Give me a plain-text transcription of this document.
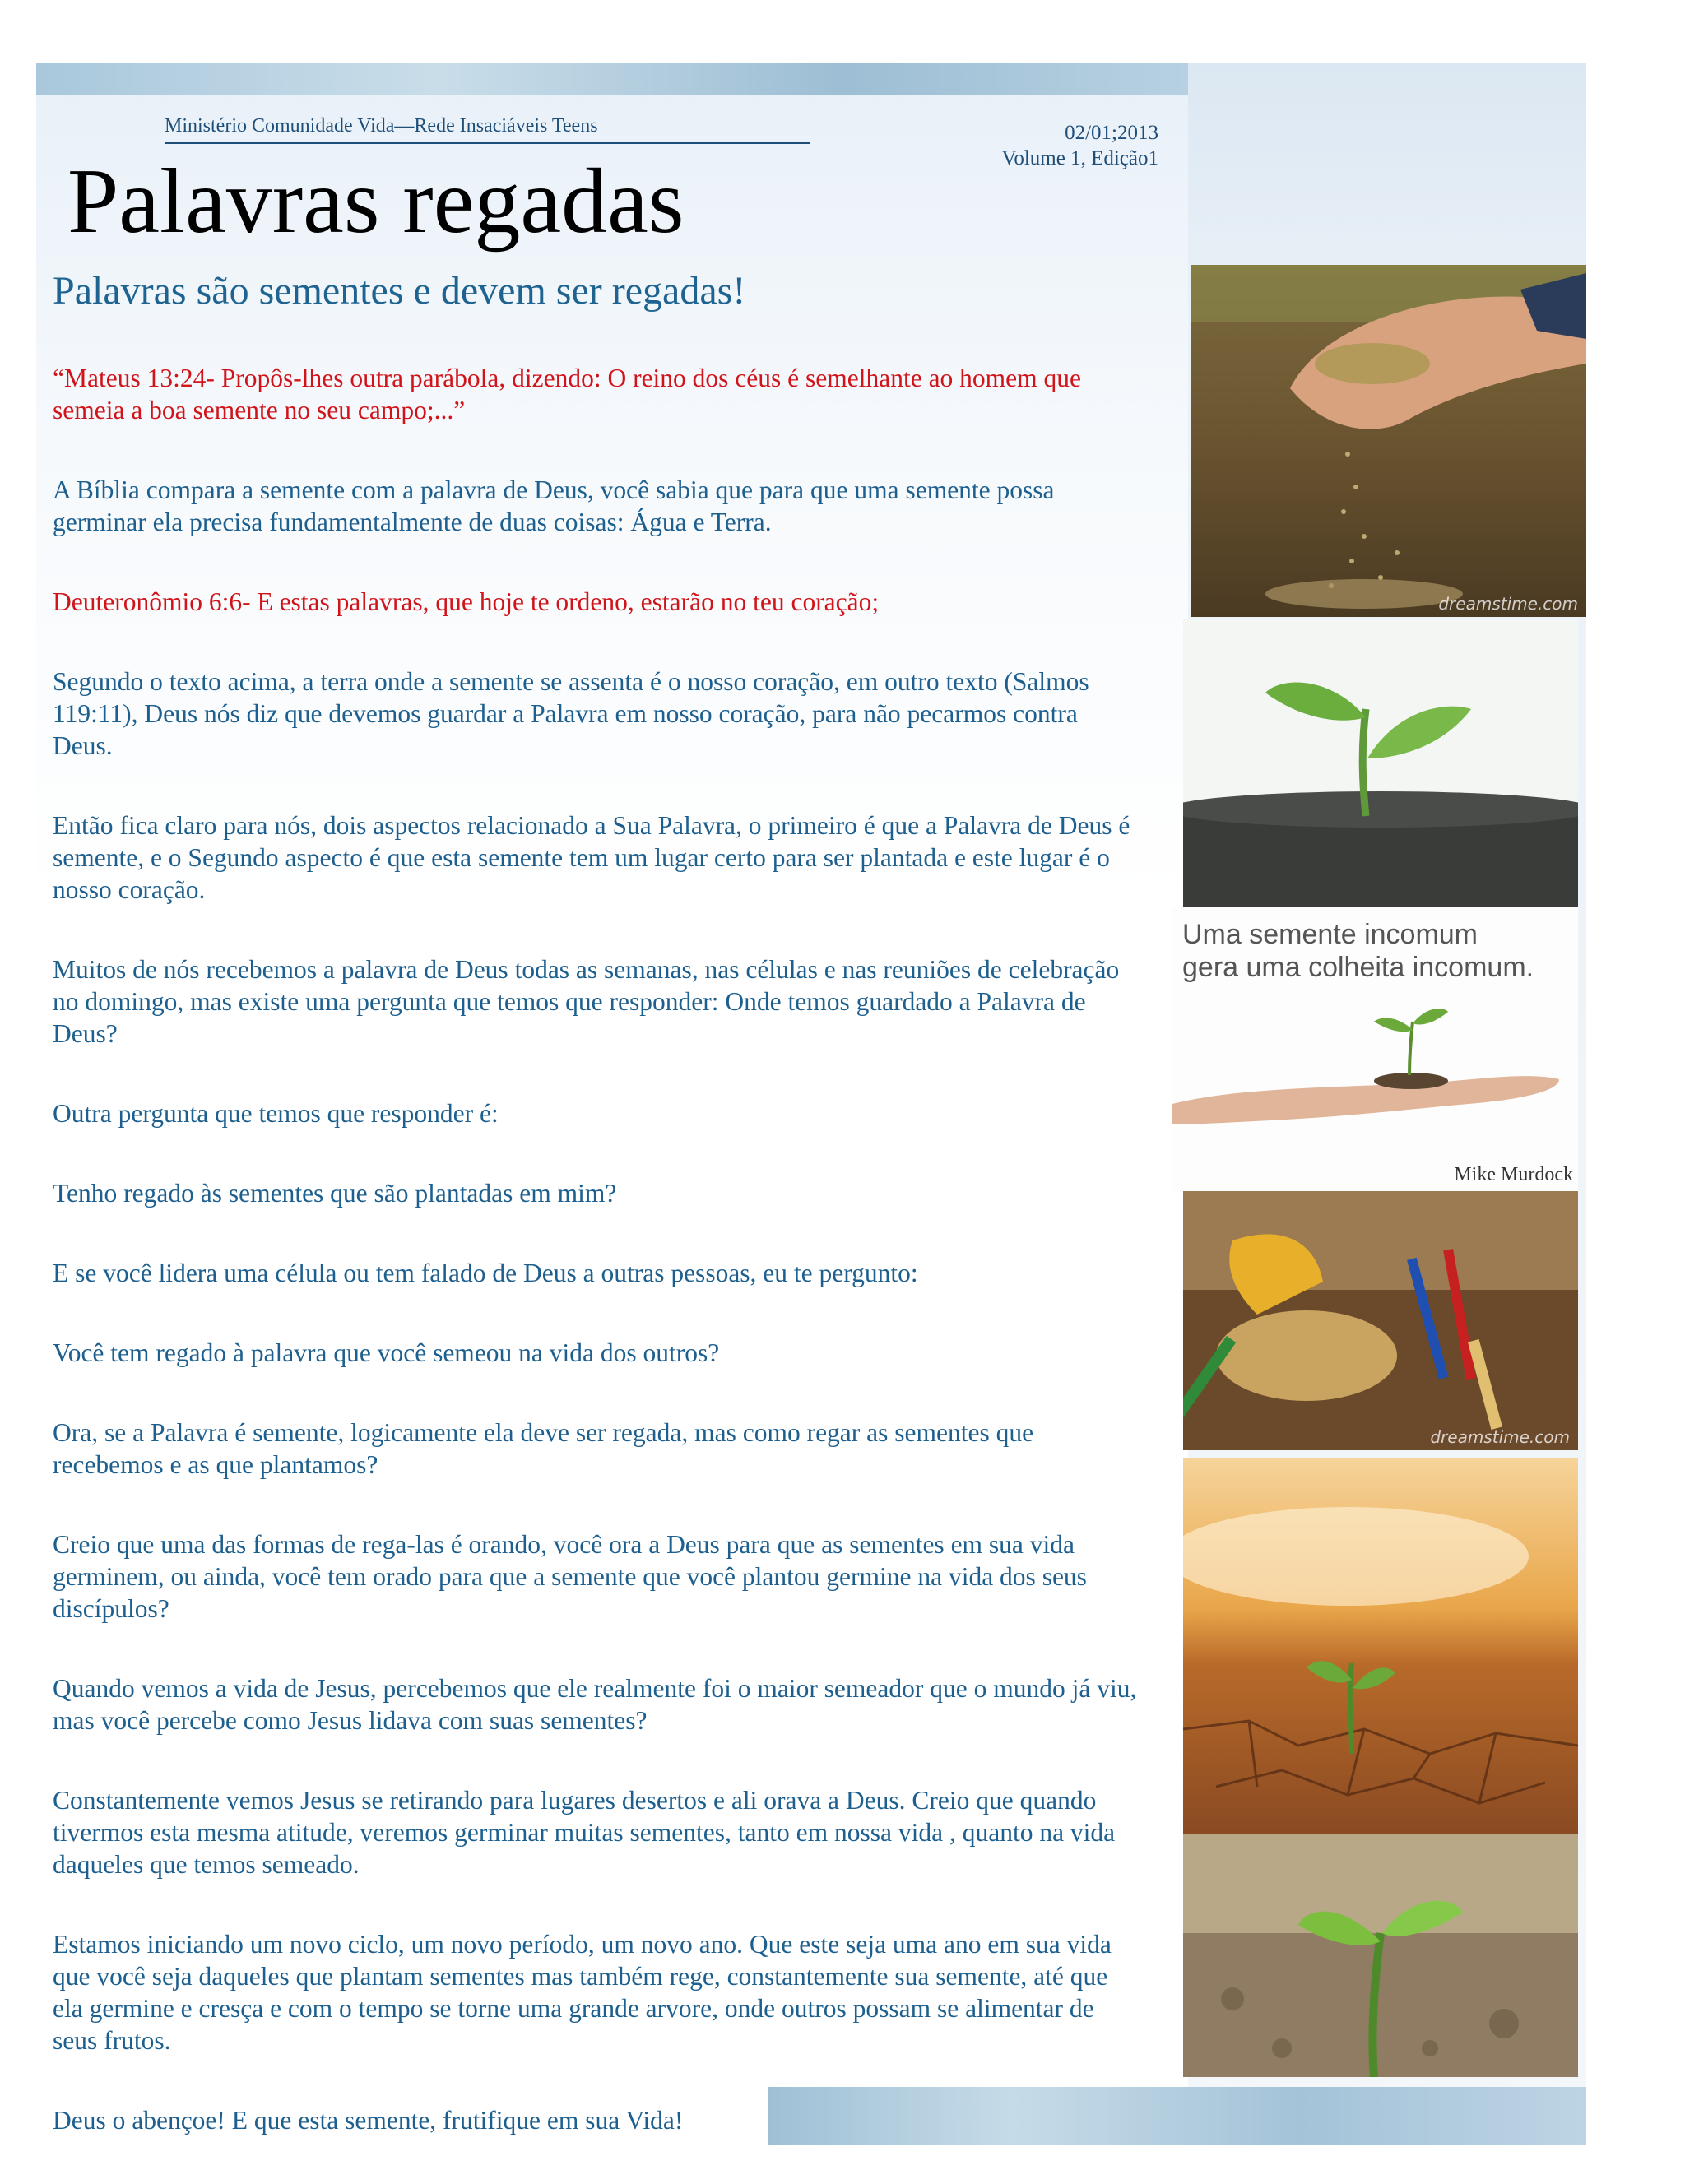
Ministério Comunidade Vida—Rede Insaciáveis Teens	02/01;2013
Volume 1, Edição1
Palavras regadas
Palavras são sementes e devem ser regadas!

“Mateus 13:24- Propôs-lhes outra parábola, dizendo: O reino dos céus é semelhante ao homem que semeia a boa semente no seu campo;...”

A Bíblia compara a semente com a palavra de Deus, você sabia que para que uma semente possa germinar ela precisa fundamentalmente de duas coisas: Água e Terra.

Deuteronômio 6:6- E estas palavras, que hoje te ordeno, estarão no teu coração;

Segundo o texto acima, a terra onde a semente se assenta é o nosso coração, em outro texto (Salmos 119:11), Deus nós diz que devemos guardar a Palavra em nosso coração, para não pecarmos contra Deus.

Então fica claro para nós, dois aspectos relacionado a Sua Palavra, o primeiro é que a Palavra de Deus é semente, e o Segundo aspecto é que esta semente tem um lugar certo para ser plantada e este lugar é o nosso coração.

Muitos de nós recebemos a palavra de Deus todas as semanas, nas células e nas reuniões de celebração no domingo, mas existe uma pergunta que temos que responder: Onde temos guardado a Palavra de Deus?

Outra pergunta que temos que responder é:

Tenho regado às sementes que são plantadas em mim?

E se você lidera uma célula ou tem falado de Deus a outras pessoas, eu te pergunto:

Você tem regado à palavra que você semeou na vida dos outros?

Ora, se a Palavra é semente, logicamente ela deve ser regada, mas como regar as sementes que recebemos e as que plantamos?

Creio que uma das formas de rega-las é orando, você ora a Deus para que as sementes em sua vida germinem, ou ainda, você tem orado para que a semente que você plantou germine na vida dos seus discípulos?

Quando vemos a vida de Jesus, percebemos que ele realmente foi o maior semeador que o mundo já viu, mas você percebe como Jesus lidava com suas sementes?

Constantemente vemos Jesus se retirando para lugares desertos e ali orava a Deus. Creio que quando tivermos esta mesma atitude, veremos germinar muitas sementes, tanto em nossa vida , quanto na vida daqueles que temos semeado.

Estamos iniciando um novo ciclo, um novo período, um novo ano. Que este seja uma ano em sua vida que você seja daqueles que plantam sementes mas também rege, constantemente sua semente, até que ela germine e cresça e com o tempo se torne uma grande arvore, onde outros possam se alimentar de seus frutos.

Deus o abençoe! E que esta semente, frutifique em sua Vida!

dreamstime.com
Uma semente incomum
gera uma colheita incomum.
Mike Murdock
dreamstime.com
